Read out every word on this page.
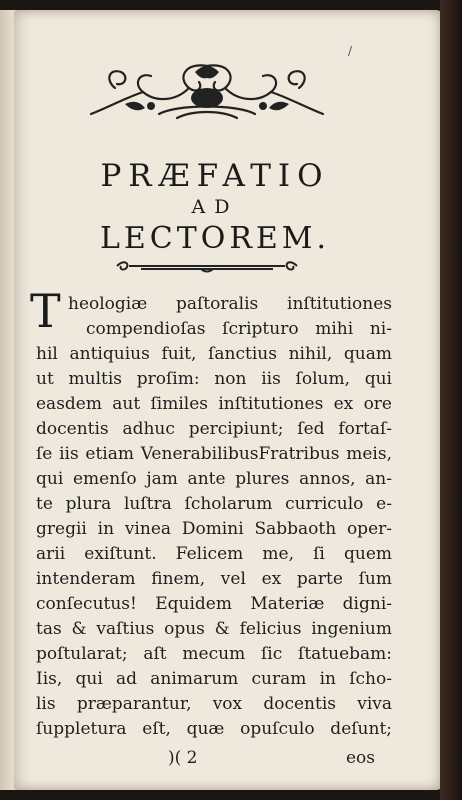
/
PRÆFATIO
AD
LECTOREM.
T heologiæ paſtoralis inſtitutiones
compendioſas ſcripturo mihi ni-
hil antiquius fuit, ſanctius nihil, quam
ut multis proſim: non iis ſolum, qui
easdem aut ſimiles inſtitutiones ex ore
docentis adhuc percipiunt; ſed fortaſ-
ſe iis etiam VenerabilibusFratribus meis,
qui emenſo jam ante plures annos, an-
te plura luſtra ſcholarum curriculo e-
gregii in vinea Domini Sabbaoth oper-
arii exiſtunt. Felicem me, ſi quem
intenderam finem, vel ex parte ſum
conſecutus! Equidem Materiæ digni-
tas & vaſtius opus & felicius ingenium
poſtularat; aſt mecum ſic ſtatuebam:
Iis, qui ad animarum curam in ſcho-
lis præparantur, vox docentis viva
ſuppletura eſt, quæ opuſculo deſunt;
)( 2	eos
